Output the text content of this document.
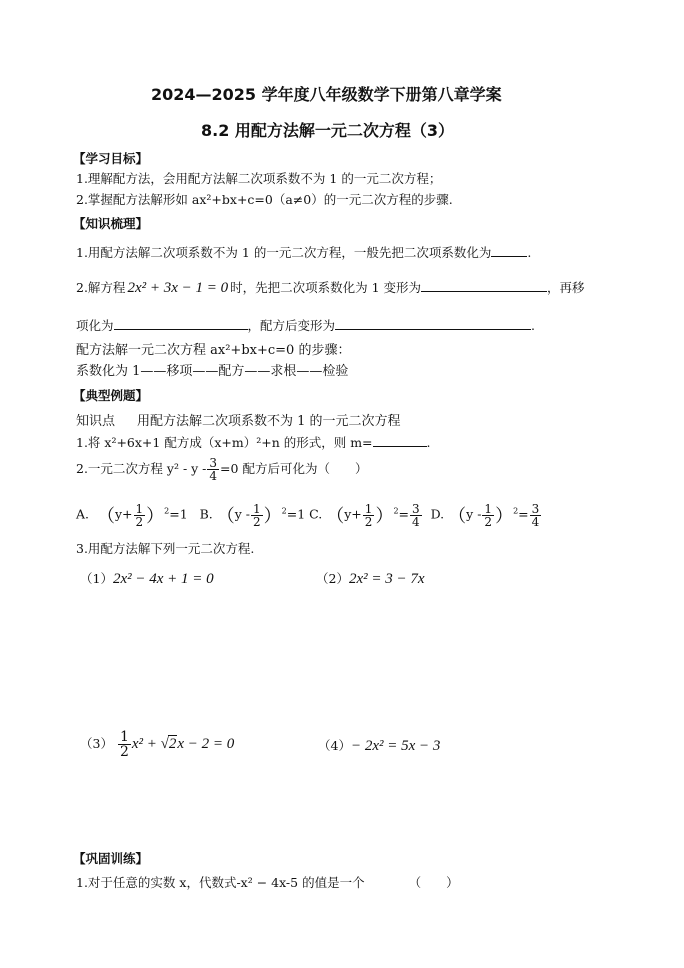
2024—2025 学年度八年级数学下册第八章学案
8.2 用配方法解一元二次方程（3）
【学习目标】
1.理解配方法，会用配方法解二次项系数不为 1 的一元二次方程；
2.掌握配方法解形如 ax²+bx+c=0（a≠0）的一元二次方程的步骤.
【知识梳理】
1.用配方法解二次项系数不为 1 的一元二次方程，一般先把二次项系数化为	.
2.解方程 2x² + 3x − 1 = 0 时，先把二次项系数化为 1 变形为	，再移
项化为	，配方后变形为	.
配方法解一元二次方程 ax²+bx+c=0 的步骤：
系数化为 1——移项——配方——求根——检验
【典型例题】
知识点 用配方法解二次项系数不为 1 的一元二次方程
1.将 x²+6x+1 配方成（x+m）²+n 的形式，则 m=	.
2.一元二次方程 $y^2 - y - \frac{3}{4} =0$ 配方后可化为（　　）
A. $(y+ \frac{1}{2} )^2=1$   B. $(y - \frac{1}{2} )^2=1$ C. $(y+ \frac{1}{2} )^2= \frac{3}{4} D$. $(y - \frac{1}{2} )^2= \frac{3}{4}$
3.用配方法解下列一元二次方程.
（1）2x² − 4x + 1 = 0	（2）2x² = 3 − 7x
$(3) \frac{1}{2} x^2 + √2x - 2 = 0$	（4）− 2x² = 5x − 3
【巩固训练】
1.对于任意的实数 x，代数式-x² − 4x-5 的值是一个	（　　）
